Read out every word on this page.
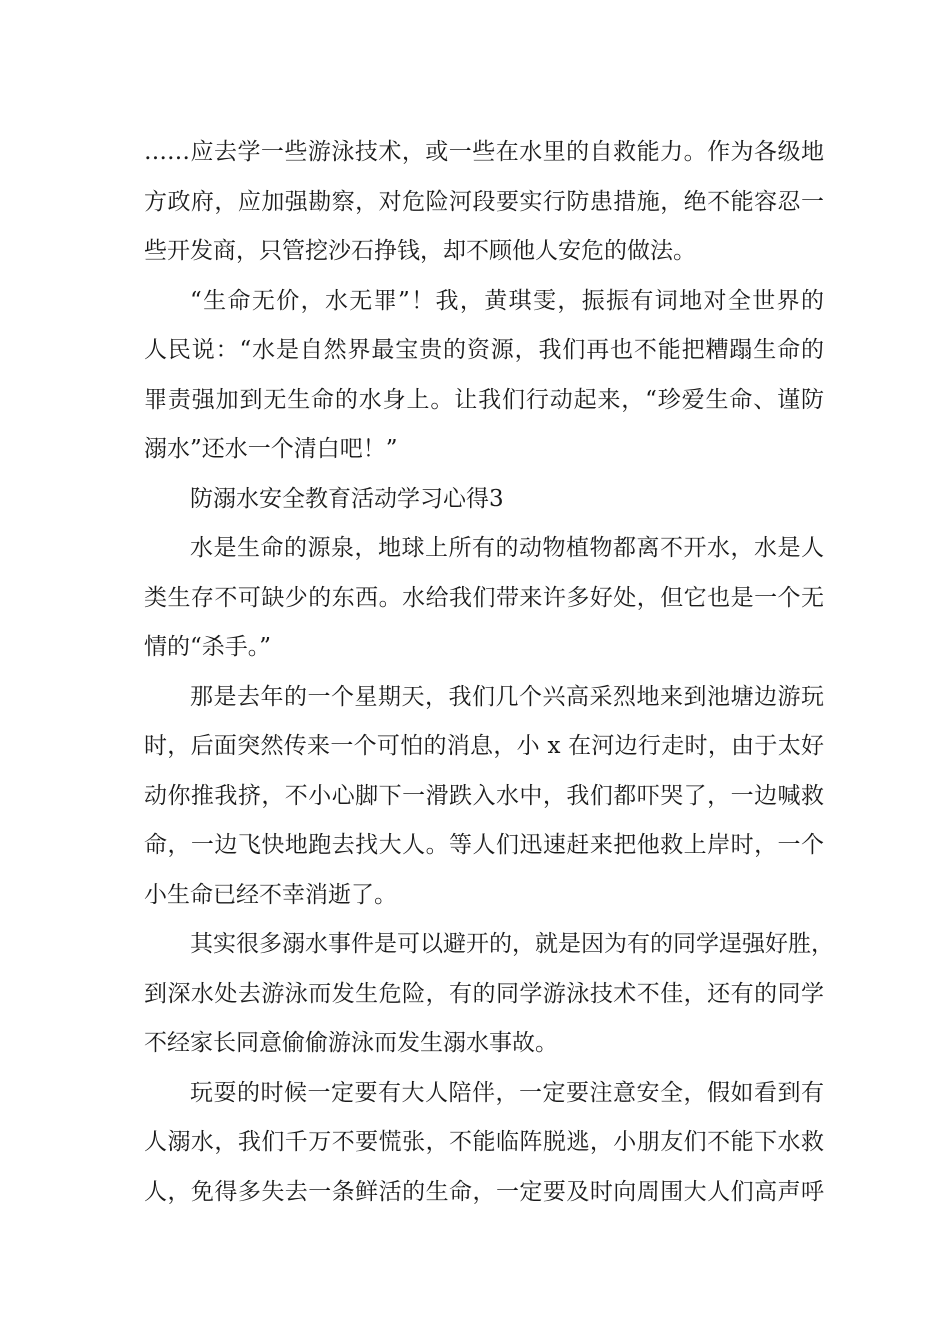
……应去学一些游泳技术，或一些在水里的自救能力。作为各级地
方政府，应加强勘察，对危险河段要实行防患措施，绝不能容忍一
些开发商，只管挖沙石挣钱，却不顾他人安危的做法。
“生命无价，水无罪”！我，黄琪雯，振振有词地对全世界的
人民说：“水是自然界最宝贵的资源，我们再也不能把糟蹋生命的
罪责强加到无生命的水身上。让我们行动起来，“珍爱生命、谨防
溺水”还水一个清白吧！”
防溺水安全教育活动学习心得3
水是生命的源泉，地球上所有的动物植物都离不开水，水是人
类生存不可缺少的东西。水给我们带来许多好处，但它也是一个无
情的“杀手。”
那是去年的一个星期天，我们几个兴高采烈地来到池塘边游玩
时，后面突然传来一个可怕的消息，小 x 在河边行走时，由于太好
动你推我挤，不小心脚下一滑跌入水中，我们都吓哭了，一边喊救
命，一边飞快地跑去找大人。等人们迅速赶来把他救上岸时，一个
小生命已经不幸消逝了。
其实很多溺水事件是可以避开的，就是因为有的同学逞强好胜，
到深水处去游泳而发生危险，有的同学游泳技术不佳，还有的同学
不经家长同意偷偷游泳而发生溺水事故。
玩耍的时候一定要有大人陪伴，一定要注意安全，假如看到有
人溺水，我们千万不要慌张，不能临阵脱逃，小朋友们不能下水救
人，免得多失去一条鲜活的生命，一定要及时向周围大人们高声呼
